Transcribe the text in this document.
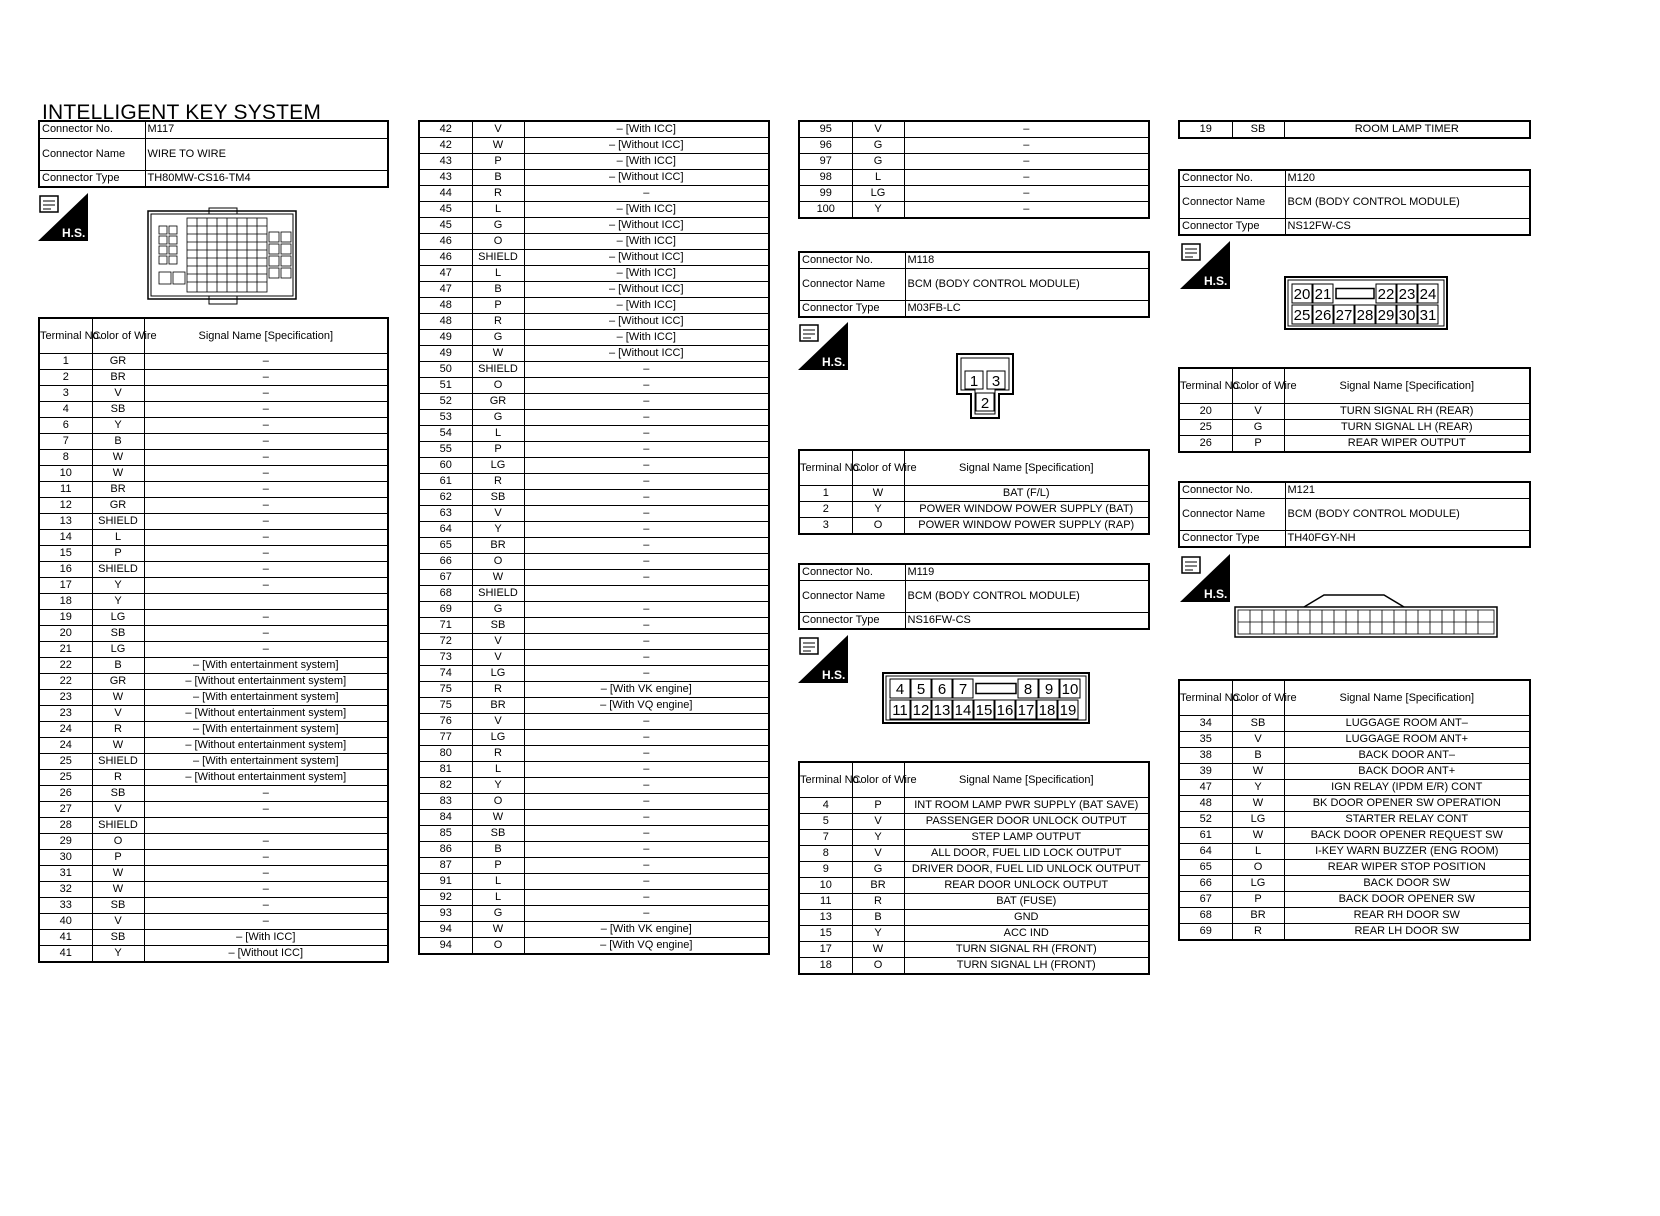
INTELLIGENT KEY SYSTEM
Connector No.	M117
Connector Name	WIRE TO WIRE
Connector Type	TH80MW-CS16-TM4
H.S.
Terminal No.	Color of Wire	Signal Name [Specification]
1	GR	–
2	BR	–
3	V	–
4	SB	–
6	Y	–
7	B	–
8	W	–
10	W	–
11	BR	–
12	GR	–
13	SHIELD	–
14	L	–
15	P	–
16	SHIELD	–
17	Y	–
18	Y	
19	LG	–
20	SB	–
21	LG	–
22	B	– [With entertainment system]
22	GR	– [Without entertainment system]
23	W	– [With entertainment system]
23	V	– [Without entertainment system]
24	R	– [With entertainment system]
24	W	– [Without entertainment system]
25	SHIELD	– [With entertainment system]
25	R	– [Without entertainment system]
26	SB	–
27	V	–
28	SHIELD	
29	O	–
30	P	–
31	W	–
32	W	–
33	SB	–
40	V	–
41	SB	– [With ICC]
41	Y	– [Without ICC]
42	V	– [With ICC]
42	W	– [Without ICC]
43	P	– [With ICC]
43	B	– [Without ICC]
44	R	–
45	L	– [With ICC]
45	G	– [Without ICC]
46	O	– [With ICC]
46	SHIELD	– [Without ICC]
47	L	– [With ICC]
47	B	– [Without ICC]
48	P	– [With ICC]
48	R	– [Without ICC]
49	G	– [With ICC]
49	W	– [Without ICC]
50	SHIELD	–
51	O	–
52	GR	–
53	G	–
54	L	–
55	P	–
60	LG	–
61	R	–
62	SB	–
63	V	–
64	Y	–
65	BR	–
66	O	–
67	W	–
68	SHIELD	
69	G	–
71	SB	–
72	V	–
73	V	–
74	LG	–
75	R	– [With VK engine]
75	BR	– [With VQ engine]
76	V	–
77	LG	–
80	R	–
81	L	–
82	Y	–
83	O	–
84	W	–
85	SB	–
86	B	–
87	P	–
91	L	–
92	L	–
93	G	–
94	W	– [With VK engine]
94	O	– [With VQ engine]
95	V	–
96	G	–
97	G	–
98	L	–
99	LG	–
100	Y	–
Connector No.	M118
Connector Name	BCM (BODY CONTROL MODULE)
Connector Type	M03FB-LC
H.S.
1 3
2
Terminal No.	Color of Wire	Signal Name [Specification]
1	W	BAT (F/L)
2	Y	POWER WINDOW POWER SUPPLY (BAT)
3	O	POWER WINDOW POWER SUPPLY (RAP)
Connector No.	M119
Connector Name	BCM (BODY CONTROL MODULE)
Connector Type	NS16FW-CS
H.S.
4 5 6 7	8 9 10
11 12 13 14 15 16 17 18 19
Terminal No.	Color of Wire	Signal Name [Specification]
4	P	INT ROOM LAMP PWR SUPPLY (BAT SAVE)
5	V	PASSENGER DOOR UNLOCK OUTPUT
7	Y	STEP LAMP OUTPUT
8	V	ALL DOOR, FUEL LID LOCK OUTPUT
9	G	DRIVER DOOR, FUEL LID UNLOCK OUTPUT
10	BR	REAR DOOR UNLOCK OUTPUT
11	R	BAT (FUSE)
13	B	GND
15	Y	ACC IND
17	W	TURN SIGNAL RH (FRONT)
18	O	TURN SIGNAL LH (FRONT)
19	SB	ROOM LAMP TIMER
Connector No.	M120
Connector Name	BCM (BODY CONTROL MODULE)
Connector Type	NS12FW-CS
H.S.
20 21	22 23 24
25 26 27 28 29 30 31
Terminal No.	Color of Wire	Signal Name [Specification]
20	V	TURN SIGNAL RH (REAR)
25	G	TURN SIGNAL LH (REAR)
26	P	REAR WIPER OUTPUT
Connector No.	M121
Connector Name	BCM (BODY CONTROL MODULE)
Connector Type	TH40FGY-NH
H.S.
Terminal No.	Color of Wire	Signal Name [Specification]
34	SB	LUGGAGE ROOM ANT–
35	V	LUGGAGE ROOM ANT+
38	B	BACK DOOR ANT–
39	W	BACK DOOR ANT+
47	Y	IGN RELAY (IPDM E/R) CONT
48	W	BK DOOR OPENER SW OPERATION
52	LG	STARTER RELAY CONT
61	W	BACK DOOR OPENER REQUEST SW
64	L	I-KEY WARN BUZZER (ENG ROOM)
65	O	REAR WIPER STOP POSITION
66	LG	BACK DOOR SW
67	P	BACK DOOR OPENER SW
68	BR	REAR RH DOOR SW
69	R	REAR LH DOOR SW
